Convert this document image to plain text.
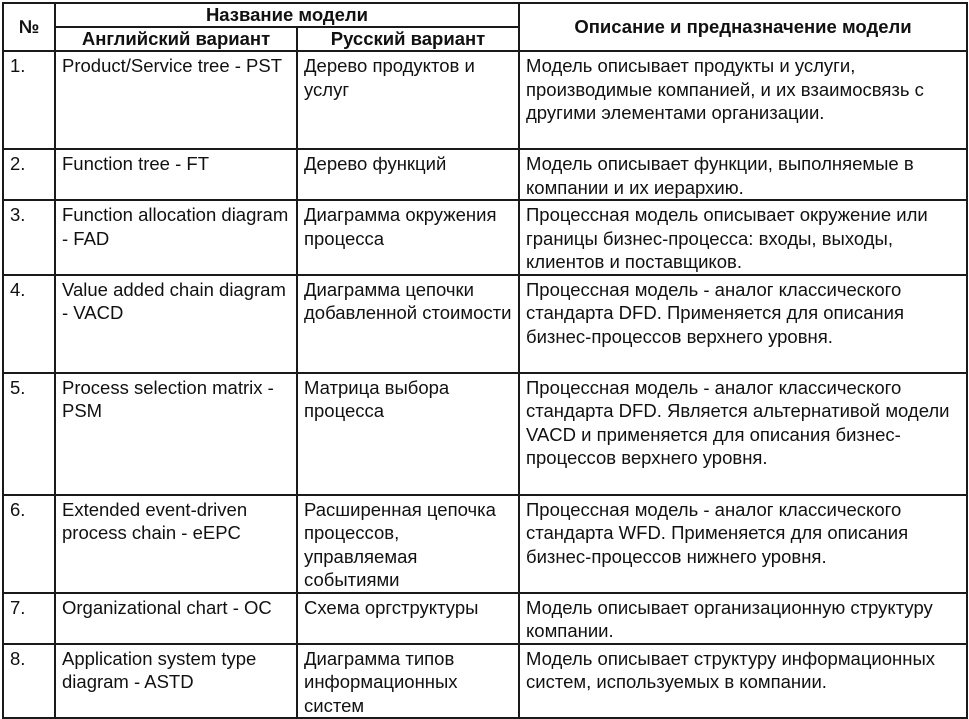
№	Название модели		Описание и предназначение модели
	Английский вариант	Русский вариант	
1.	Product/Service tree - PST	Дерево продуктов и услуг	Модель описывает продукты и услуги, производимые компанией, и их взаимосвязь с другими элементами организации.
2.	Function tree - FT	Дерево функций	Модель описывает функции, выполняемые в компании и их иерархию.
3.	Function allocation diagram - FAD	Диаграмма окружения процесса	Процессная модель описывает окружение или границы бизнес-процесса: входы, выходы, клиентов и поставщиков.
4.	Value added chain diagram - VACD	Диаграмма цепочки добавленной стоимости	Процессная модель - аналог классического стандарта DFD. Применяется для описания бизнес-процессов верхнего уровня.
5.	Process selection matrix - PSM	Матрица выбора процесса	Процессная модель - аналог классического стандарта DFD. Является альтернативой модели VACD и применяется для описания бизнес-процессов верхнего уровня.
6.	Extended event-driven process chain - eEPC	Расширенная цепочка процессов, управляемая событиями	Процессная модель - аналог классического стандарта WFD. Применяется для описания бизнес-процессов нижнего уровня.
7.	Organizational chart - OC	Схема оргструктуры	Модель описывает организационную структуру компании.
8.	Application system type diagram - ASTD	Диаграмма типов информационных систем	Модель описывает структуру информационных систем, используемых в компании.
